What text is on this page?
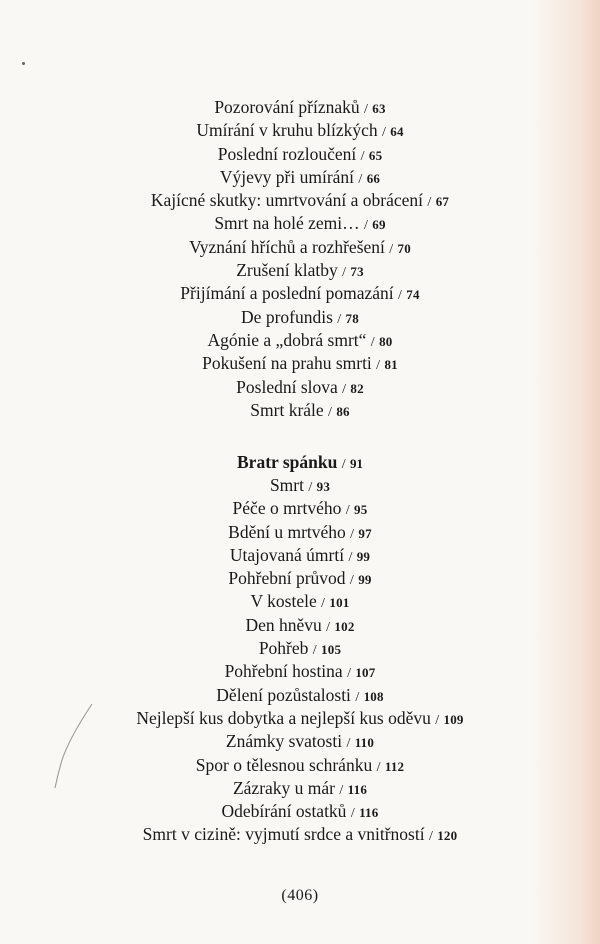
Pozorování příznaků / 63
Umírání v kruhu blízkých / 64
Poslední rozloučení / 65
Výjevy při umírání / 66
Kajícné skutky: umrtvování a obrácení / 67
Smrt na holé zemi… / 69
Vyznání hříchů a rozhřešení / 70
Zrušení klatby / 73
Přijímání a poslední pomazání / 74
De profundis / 78
Agónie a „dobrá smrt“ / 80
Pokušení na prahu smrti / 81
Poslední slova / 82
Smrt krále / 86
Bratr spánku / 91
Smrt / 93
Péče o mrtvého / 95
Bdění u mrtvého / 97
Utajovaná úmrtí / 99
Pohřební průvod / 99
V kostele / 101
Den hněvu / 102
Pohřeb / 105
Pohřební hostina / 107
Dělení pozůstalosti / 108
Nejlepší kus dobytka a nejlepší kus oděvu / 109
Známky svatosti / 110
Spor o tělesnou schránku / 112
Zázraky u már / 116
Odebírání ostatků / 116
Smrt v cizině: vyjmutí srdce a vnitřností / 120
(406)
